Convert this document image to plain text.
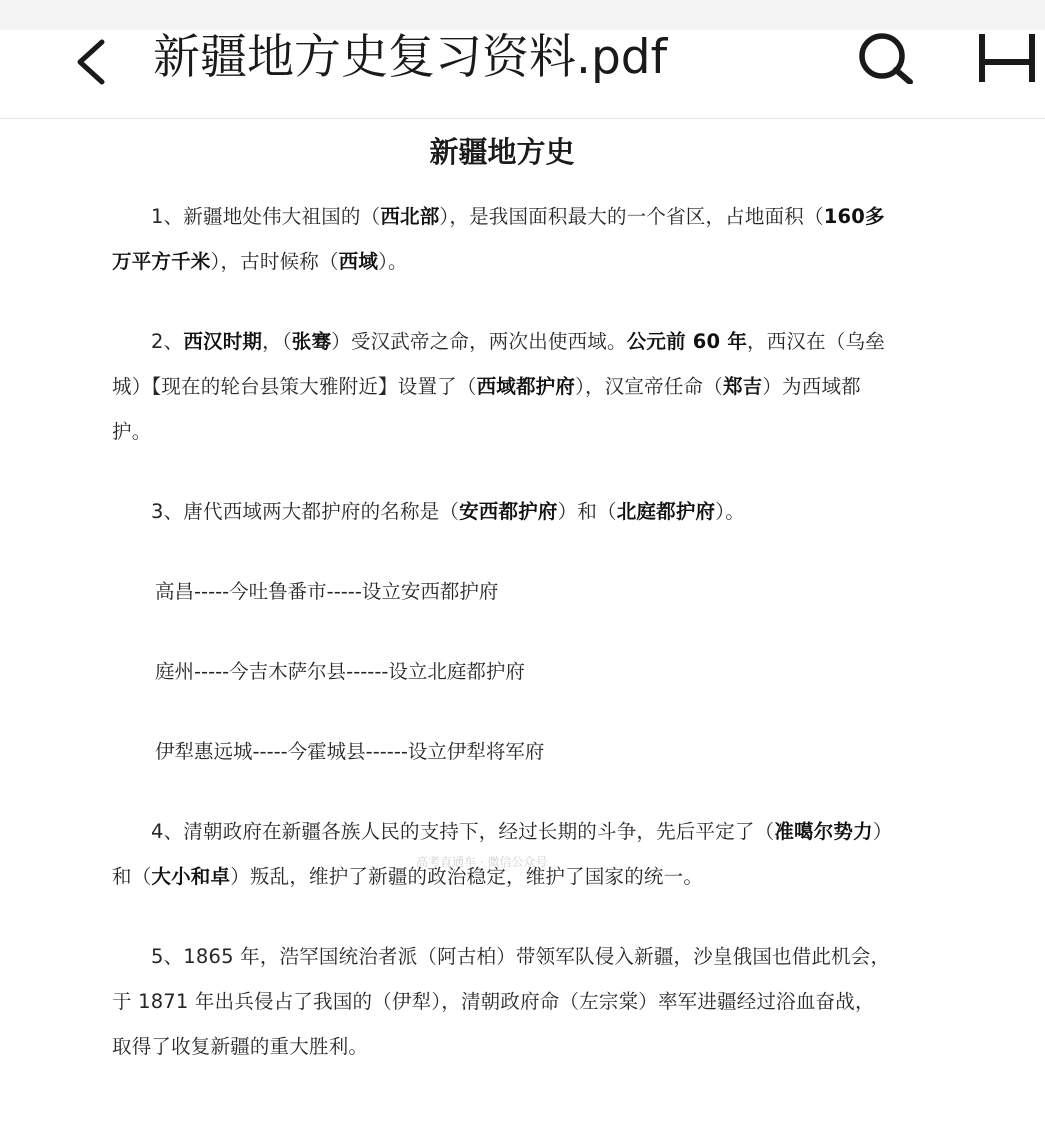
新疆地方史复习资料.pdf
新疆地方史

1、新疆地处伟大祖国的（西北部），是我国面积最大的一个省区，占地面积（160多万平方千米），古时候称（西域）。

2、西汉时期，（张骞）受汉武帝之命，两次出使西域。公元前 60 年，西汉在（乌垒城）【现在的轮台县策大雅附近】设置了（西域都护府），汉宣帝任命（郑吉）为西域都护。

3、唐代西域两大都护府的名称是（安西都护府）和（北庭都护府）。

高昌-----今吐鲁番市-----设立安西都护府

庭州-----今吉木萨尔县------设立北庭都护府

伊犁惠远城-----今霍城县------设立伊犁将军府

4、清朝政府在新疆各族人民的支持下，经过长期的斗争，先后平定了（准噶尔势力）和（大小和卓）叛乱，维护了新疆的政治稳定，维护了国家的统一。

5、1865 年，浩罕国统治者派（阿古柏）带领军队侵入新疆，沙皇俄国也借此机会，于 1871 年出兵侵占了我国的（伊犁），清朝政府命（左宗棠）率军进疆经过浴血奋战，取得了收复新疆的重大胜利。

高考直通车 · 微信公众号
